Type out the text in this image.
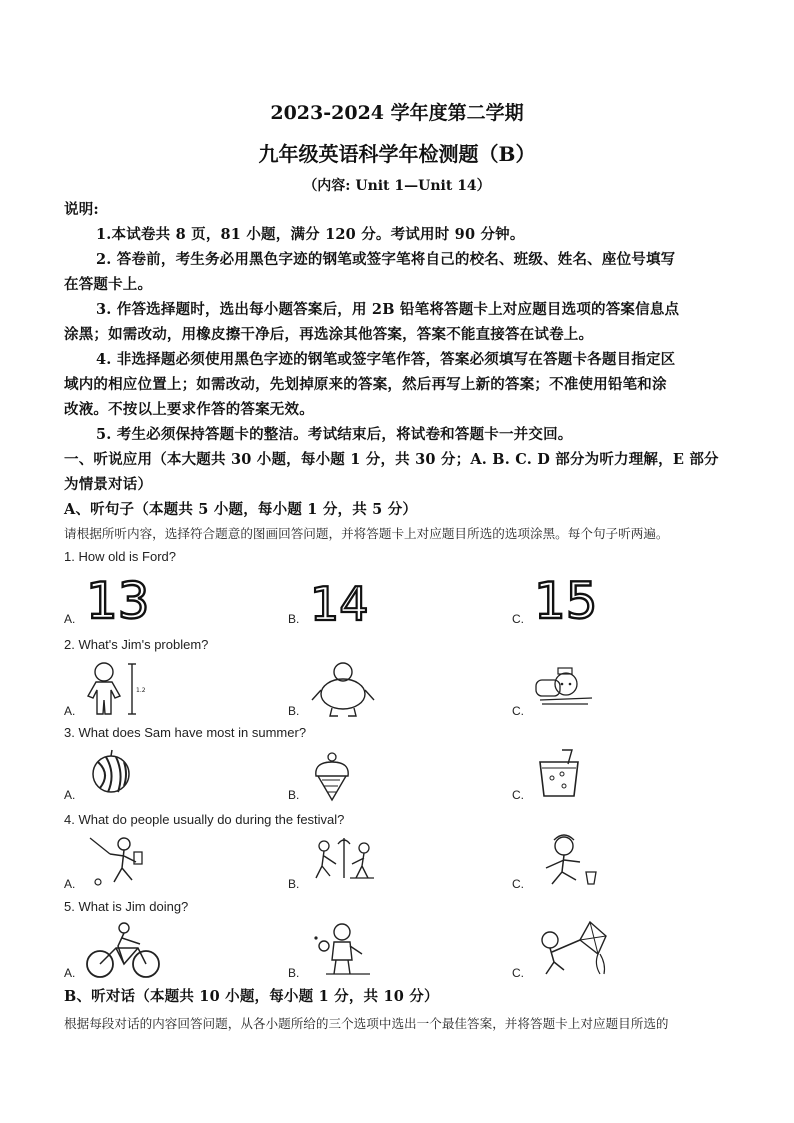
2023-2024 学年度第二学期
九年级英语科学年检测题（B）
（内容: Unit 1—Unit 14）
说明:
1.本试卷共 8 页，81 小题，满分 120 分。考试用时 90 分钟。
2. 答卷前，考生务必用黑色字迹的钢笔或签字笔将自己的校名、班级、姓名、座位号填写
在答题卡上。
3. 作答选择题时，选出每小题答案后，用 2B 铅笔将答题卡上对应题目选项的答案信息点
涂黑；如需改动，用橡皮擦干净后，再选涂其他答案，答案不能直接答在试卷上。
4. 非选择题必须使用黑色字迹的钢笔或签字笔作答，答案必须填写在答题卡各题目指定区
域内的相应位置上；如需改动，先划掉原来的答案，然后再写上新的答案；不准使用铅笔和涂
改液。不按以上要求作答的答案无效。
5. 考生必须保持答题卡的整洁。考试结束后，将试卷和答题卡一并交回。
一、听说应用（本大题共 30 小题，每小题 1 分，共 30 分；A. B. C. D 部分为听力理解，E 部分
为情景对话）
A、听句子（本题共 5 小题，每小题 1 分，共 5 分）
请根据所听内容，选择符合题意的图画回答问题，并将答题卡上对应题目所选的选项涂黑。每个句子听两遍。
1. How old is Ford?
A.	B.	C.
13	14	15
2. What's Jim's problem?
A.	B.	C.
1.2
3. What does Sam have most in summer?
A.	B.	C.
4. What do people usually do during the festival?
A.	B.	C.
5. What is Jim doing?
A.	B.	C.
B、听对话（本题共 10 小题，每小题 1 分，共 10 分）
根据每段对话的内容回答问题，从各小题所给的三个选项中选出一个最佳答案，并将答题卡上对应题目所选的
